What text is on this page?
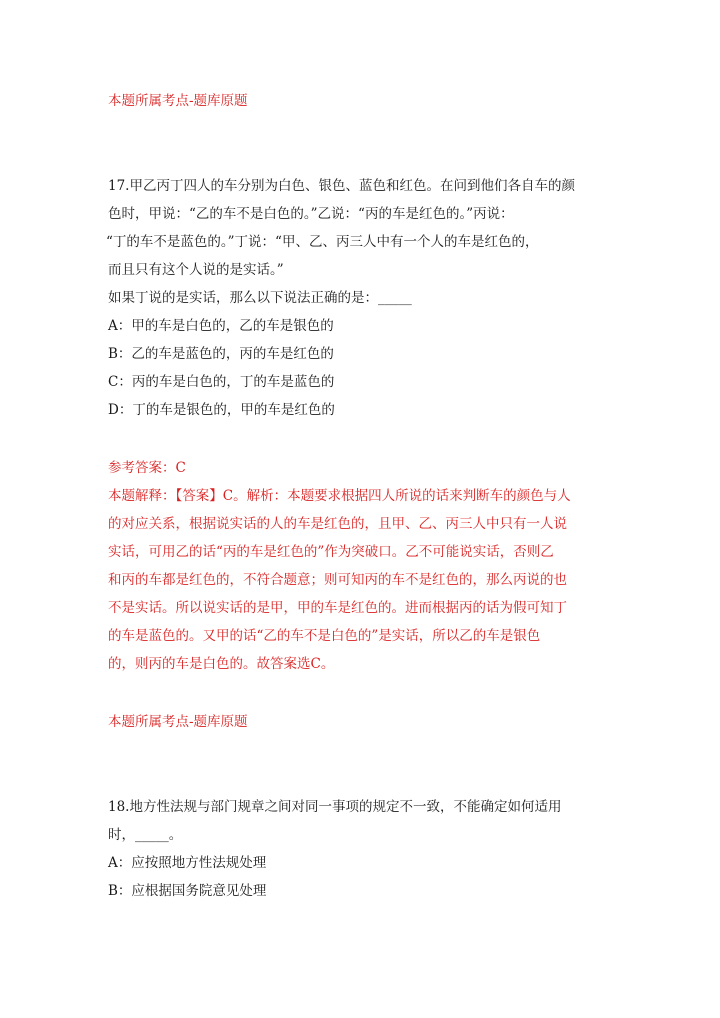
本题所属考点-题库原题
17.甲乙丙丁四人的车分别为白色、银色、蓝色和红色。在问到他们各自车的颜
色时，甲说：“乙的车不是白色的。”乙说：“丙的车是红色的。”丙说：
“丁的车不是蓝色的。”丁说：“甲、乙、丙三人中有一个人的车是红色的，
而且只有这个人说的是实话。”
如果丁说的是实话，那么以下说法正确的是：_____
A：甲的车是白色的，乙的车是银色的
B：乙的车是蓝色的，丙的车是红色的
C：丙的车是白色的，丁的车是蓝色的
D：丁的车是银色的，甲的车是红色的
参考答案：C
本题解释：【答案】C。解析：本题要求根据四人所说的话来判断车的颜色与人
的对应关系，根据说实话的人的车是红色的，且甲、乙、丙三人中只有一人说
实话，可用乙的话“丙的车是红色的”作为突破口。乙不可能说实话，否则乙
和丙的车都是红色的，不符合题意；则可知丙的车不是红色的，那么丙说的也
不是实话。所以说实话的是甲，甲的车是红色的。进而根据丙的话为假可知丁
的车是蓝色的。又甲的话“乙的车不是白色的”是实话，所以乙的车是银色
的，则丙的车是白色的。故答案选C。
本题所属考点-题库原题
18.地方性法规与部门规章之间对同一事项的规定不一致，不能确定如何适用
时，_____。
A：应按照地方性法规处理
B：应根据国务院意见处理
